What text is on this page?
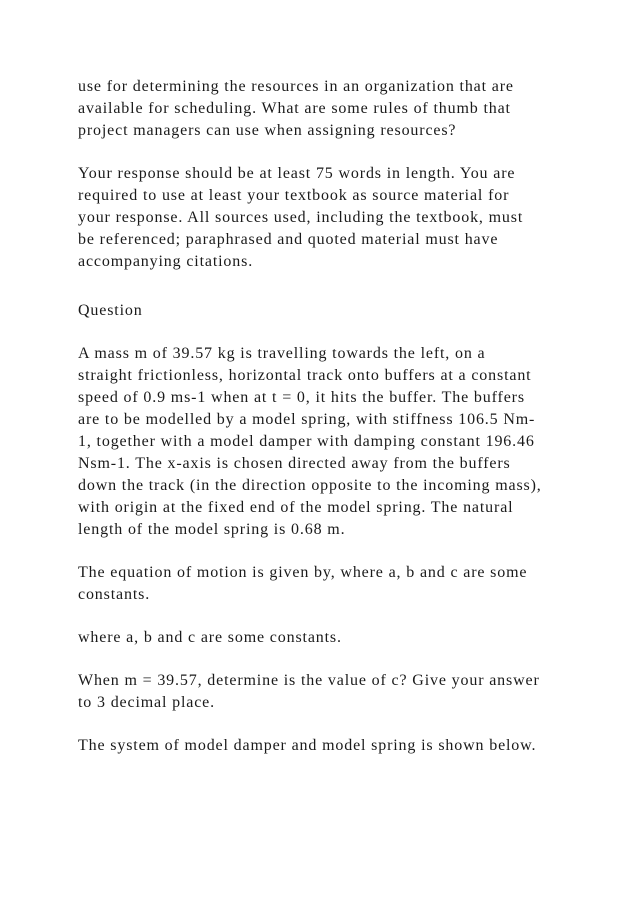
use for determining the resources in an organization that are

available for scheduling. What are some rules of thumb that

project managers can use when assigning resources?

Your response should be at least 75 words in length. You are

required to use at least your textbook as source material for

your response. All sources used, including the textbook, must

be referenced; paraphrased and quoted material must have

accompanying citations.

Question

A mass m of 39.57 kg is travelling towards the left, on a

straight frictionless, horizontal track onto buffers at a constant

speed of 0.9 ms-1 when at t = 0, it hits the buffer. The buffers

are to be modelled by a model spring, with stiffness 106.5 Nm-

1, together with a model damper with damping constant 196.46

Nsm-1. The x-axis is chosen directed away from the buffers

down the track (in the direction opposite to the incoming mass),

with origin at the fixed end of the model spring. The natural

length of the model spring is 0.68 m.

The equation of motion is given by, where a, b and c are some

constants.

where a, b and c are some constants.

When m = 39.57, determine is the value of c? Give your answer

to 3 decimal place.

The system of model damper and model spring is shown below.
